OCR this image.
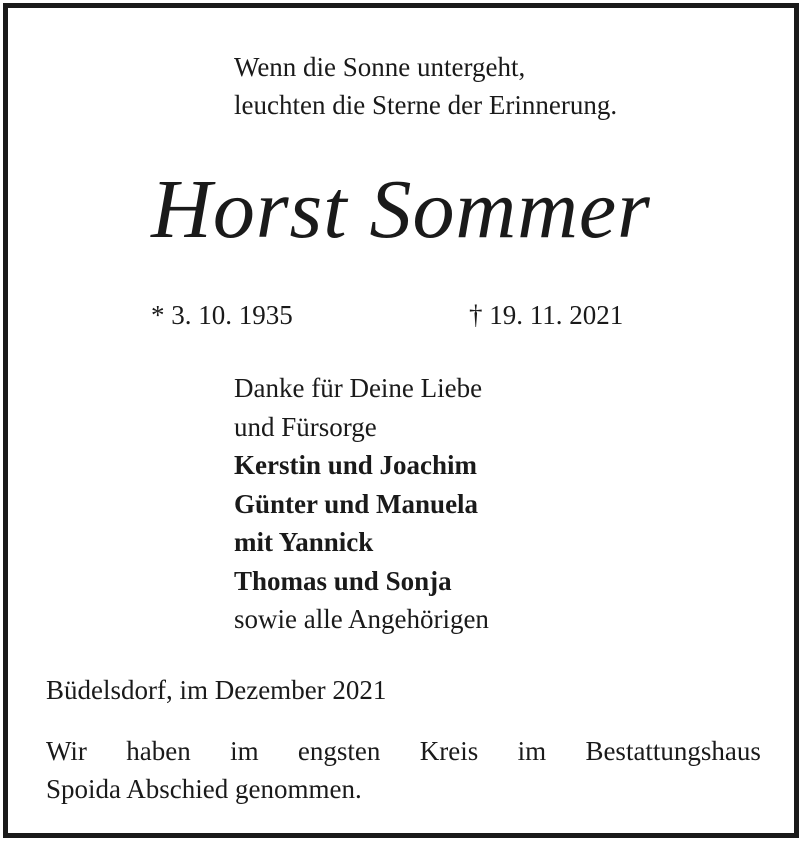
Wenn die Sonne untergeht,
leuchten die Sterne der Erinnerung.
Horst Sommer
* 3. 10. 1935	† 19. 11. 2021
Danke für Deine Liebe
und Fürsorge
Kerstin und Joachim
Günter und Manuela
mit Yannick
Thomas und Sonja
sowie alle Angehörigen
Büdelsdorf, im Dezember 2021
Wir haben im engsten Kreis im Bestattungshaus
Spoida Abschied genommen.
